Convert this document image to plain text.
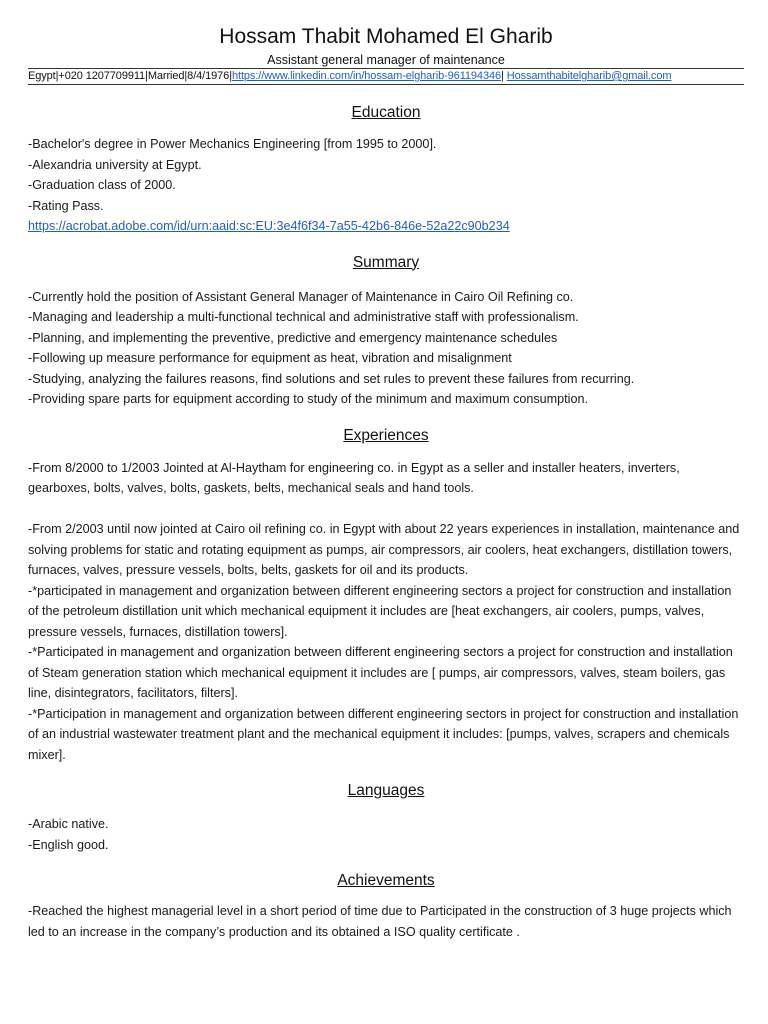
Hossam Thabit Mohamed El Gharib

Assistant general manager of maintenance

Egypt|+020 1207709911|Married|8/4/1976|https://www.linkedin.com/in/hossam-elgharib-961194346| Hossamthabitelgharib@gmail.com
Education
-Bachelor's degree in Power Mechanics Engineering [from 1995 to 2000].
-Alexandria university at Egypt.
-Graduation class of 2000.
-Rating Pass.
https://acrobat.adobe.com/id/urn:aaid:sc:EU:3e4f6f34-7a55-42b6-846e-52a22c90b234
Summary
-Currently hold the position of Assistant General Manager of Maintenance in Cairo Oil Refining co.
-Managing and leadership a multi-functional technical and administrative staff with professionalism.
-Planning, and implementing the preventive, predictive and emergency maintenance schedules
-Following up measure performance for equipment as heat, vibration and misalignment
-Studying, analyzing the failures reasons, find solutions and set rules to prevent these failures from recurring.
-Providing spare parts for equipment according to study of the minimum and maximum consumption.
Experiences

-From 8/2000 to 1/2003 Jointed at Al-Haytham for engineering co. in Egypt as a seller and installer heaters, inverters, gearboxes, bolts, valves, bolts, gaskets, belts, mechanical seals and hand tools.

-From 2/2003 until now jointed at Cairo oil refining co. in Egypt with about 22 years experiences in installation, maintenance and solving problems for static and rotating equipment as pumps, air compressors, air coolers, heat exchangers, distillation towers, furnaces, valves, pressure vessels, bolts, belts, gaskets for oil and its products.

-*participated in management and organization between different engineering sectors a project for construction and installation of the petroleum distillation unit which mechanical equipment it includes are [heat exchangers, air coolers, pumps, valves, pressure vessels, furnaces, distillation towers].

-*Participated in management and organization between different engineering sectors a project for construction and installation of Steam generation station which mechanical equipment it includes are [ pumps, air compressors, valves, steam boilers, gas line, disintegrators, facilitators, filters].

-*Participation in management and organization between different engineering sectors in project for construction and installation of an industrial wastewater treatment plant and the mechanical equipment it includes: [pumps, valves, scrapers and chemicals mixer].

Languages
-Arabic native.
-English good.
Achievements

-Reached the highest managerial level in a short period of time due to Participated in the construction of 3 huge projects which led to an increase in the company’s production and its obtained a ISO quality certificate .
